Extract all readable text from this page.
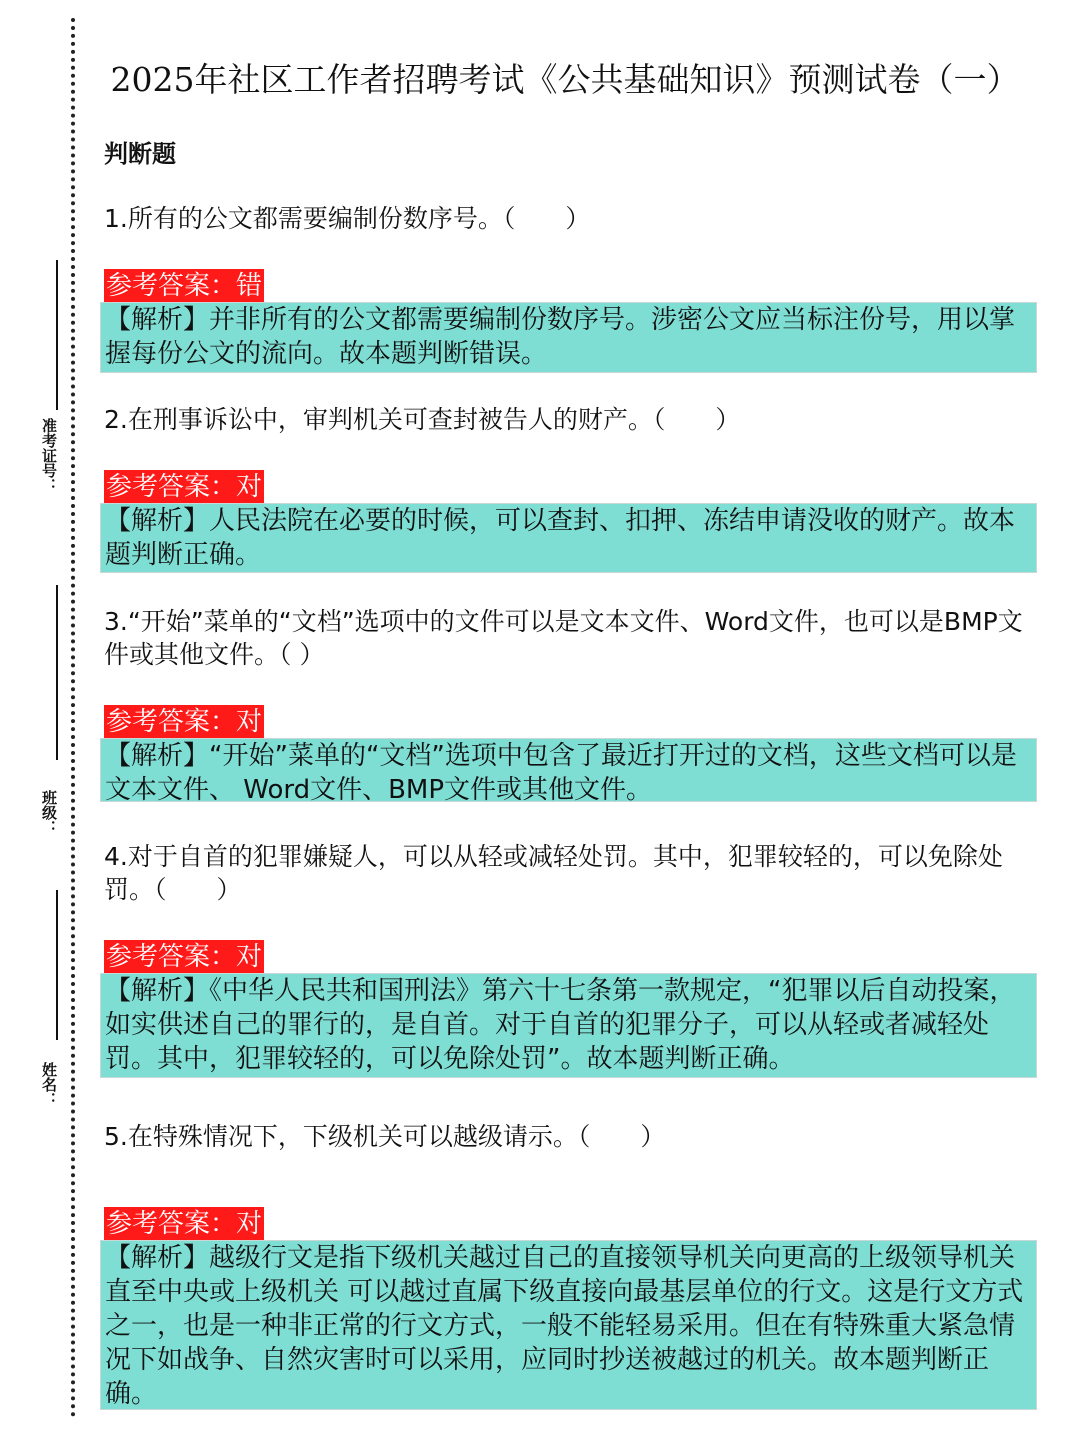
准考证号：
班级：
姓名：
2025年社区工作者招聘考试《公共基础知识》预测试卷（一）
判断题
1.所有的公文都需要编制份数序号。（　　）
参考答案：错
【解析】并非所有的公文都需要编制份数序号。涉密公文应当标注份号，用以掌握每份公文的流向。故本题判断错误。
2.在刑事诉讼中，审判机关可查封被告人的财产。（　　）
参考答案：对
【解析】人民法院在必要的时候，可以查封、扣押、冻结申请没收的财产。故本题判断正确。
3.“开始”菜单的“文档”选项中的文件可以是文本文件、Word文件，也可以是BMP文件或其他文件。（ ）
参考答案：对
【解析】“开始”菜单的“文档”选项中包含了最近打开过的文档，这些文档可以是文本文件、 Word文件、BMP文件或其他文件。
4.对于自首的犯罪嫌疑人，可以从轻或减轻处罚。其中，犯罪较轻的，可以免除处罚。（　　）
参考答案：对
【解析】《中华人民共和国刑法》第六十七条第一款规定，“犯罪以后自动投案，如实供述自己的罪行的，是自首。对于自首的犯罪分子，可以从轻或者减轻处罚。其中，犯罪较轻的，可以免除处罚”。故本题判断正确。
5.在特殊情况下，下级机关可以越级请示。（　　）
参考答案：对
【解析】越级行文是指下级机关越过自己的直接领导机关向更高的上级领导机关直至中央或上级机关 可以越过直属下级直接向最基层单位的行文。这是行文方式之一，也是一种非正常的行文方式，一般不能轻易采用。但在有特殊重大紧急情况下如战争、自然灾害时可以采用，应同时抄送被越过的机关。故本题判断正确。
